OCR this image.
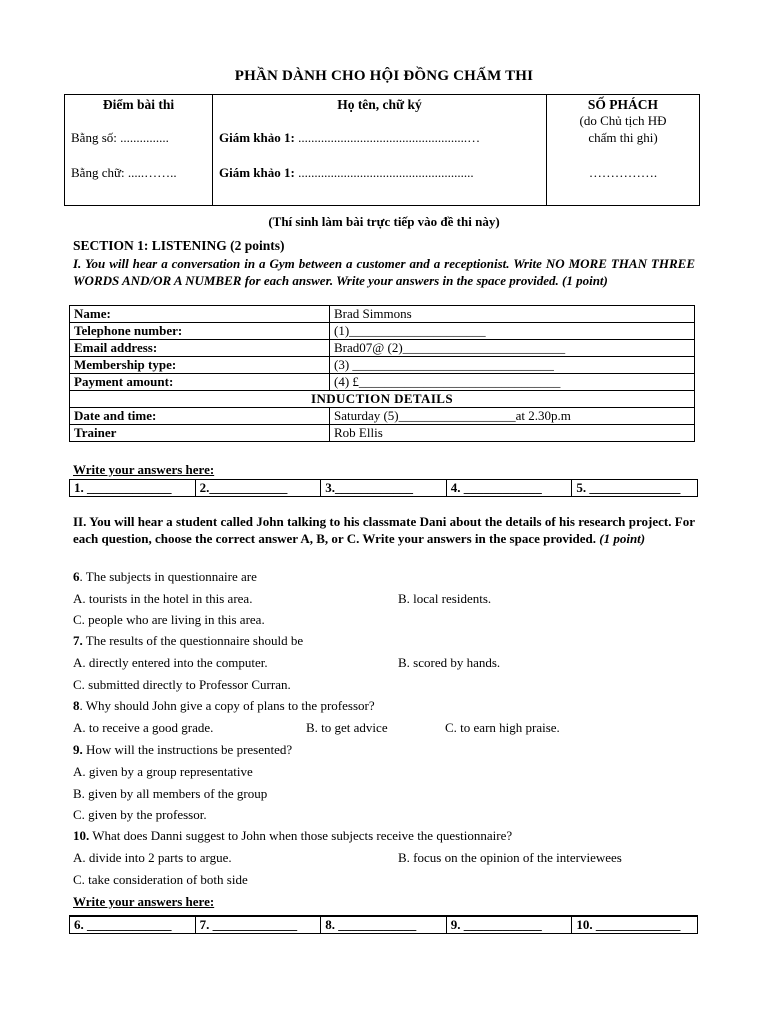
PHẦN DÀNH CHO HỘI ĐỒNG CHẤM THI
Điểm bài thi
Bằng số: ...............
Bằng chữ: .....……..
Họ tên, chữ ký
Giám khảo 1: ....................................................…
Giám khảo 1: ......................................................
SỐ PHÁCH
(do Chủ tịch HĐ
chấm thi ghi)
…………….
(Thí sinh làm bài trực tiếp vào đề thi này)
SECTION 1: LISTENING (2 points)
I. You will hear a conversation in a Gym between a customer and a receptionist. Write NO MORE THAN THREE WORDS AND/OR A NUMBER for each answer. Write your answers in the space provided. (1 point)
Name:	Brad Simmons
Telephone number:	(1)_____________________
Email address:	Brad07@ (2)_________________________
Membership type:	(3) _______________________________
Payment amount:	(4) £_______________________________
INDUCTION DETAILS	
Date and time:	Saturday (5)__________________at 2.30p.m
Trainer	Rob Ellis
Write your answers here:
1. _____________	2.____________	3.____________	4. ____________	5. ______________
II. You will hear a student called John talking to his classmate Dani about the details of his research project. For each question, choose the correct answer A, B, or C. Write your answers in the space provided. (1 point)
6. The subjects in questionnaire are
A. tourists in the hotel in this area.	B. local residents.
C. people who are living in this area.
7. The results of the questionnaire should be
A. directly entered into the computer.	B. scored by hands.
C. submitted directly to Professor Curran.
8. Why should John give a copy of plans to the professor?
A. to receive a good grade.	B. to get advice	C. to earn high praise.
9. How will the instructions be presented?
A. given by a group representative
B. given by all members of the group
C. given by the professor.
10. What does Danni suggest to John when those subjects receive the questionnaire?
A. divide into 2 parts to argue.	B. focus on the opinion of the interviewees
C. take consideration of both side
Write your answers here:
6. _____________	7. _____________	8. ____________	9. ____________	10. _____________
